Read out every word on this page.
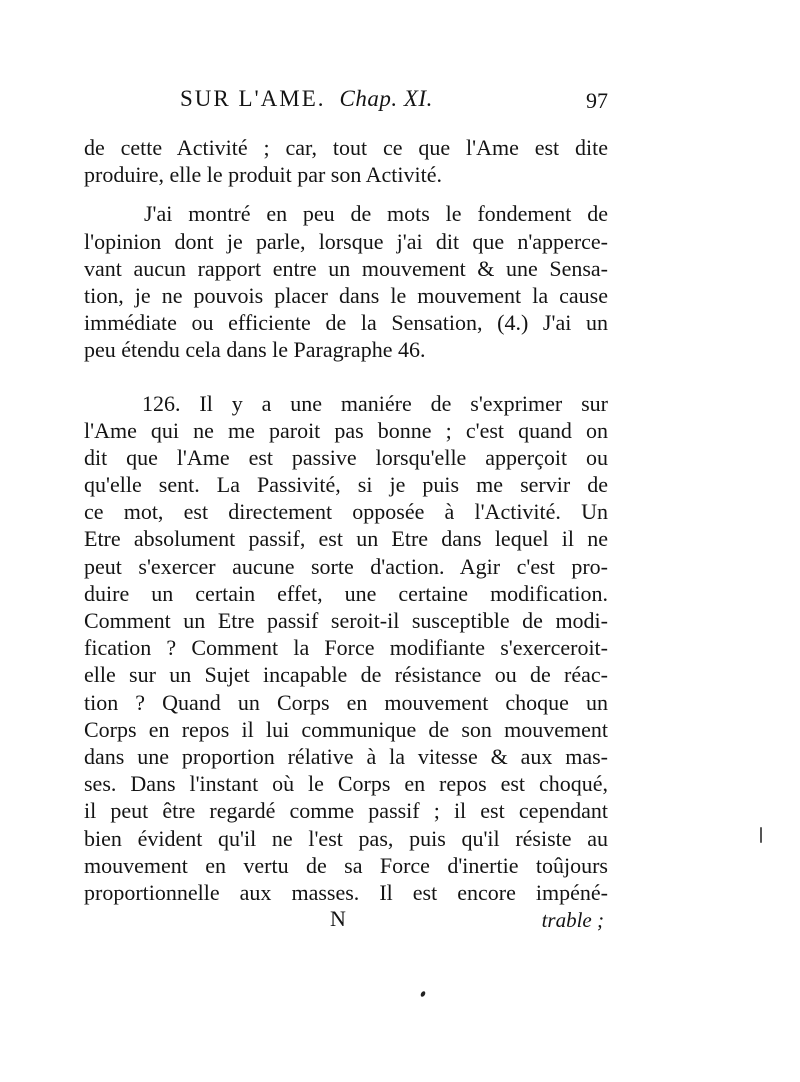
SUR L'AME. Chap. XI.	97
de cette Activité ; car, tout ce que l'Ame est dite
produire, elle le produit par son Activité.
J'ai montré en peu de mots le fondement de
l'opinion dont je parle, lorsque j'ai dit que n'apperce-
vant aucun rapport entre un mouvement & une Sensa-
tion, je ne pouvois placer dans le mouvement la cause
immédiate ou efficiente de la Sensation, (4.) J'ai un
peu étendu cela dans le Paragraphe 46.
126. Il y a une maniére de s'exprimer sur
l'Ame qui ne me paroit pas bonne ; c'est quand on
dit que l'Ame est passive lorsqu'elle apperçoit ou
qu'elle sent. La Passivité, si je puis me servir de
ce mot, est directement opposée à l'Activité. Un
Etre absolument passif, est un Etre dans lequel il ne
peut s'exercer aucune sorte d'action. Agir c'est pro-
duire un certain effet, une certaine modification.
Comment un Etre passif seroit-il susceptible de modi-
fication ? Comment la Force modifiante s'exerceroit-
elle sur un Sujet incapable de résistance ou de réac-
tion ? Quand un Corps en mouvement choque un
Corps en repos il lui communique de son mouvement
dans une proportion rélative à la vitesse & aux mas-
ses. Dans l'instant où le Corps en repos est choqué,
il peut être regardé comme passif ; il est cependant
bien évident qu'il ne l'est pas, puis qu'il résiste au
mouvement en vertu de sa Force d'inertie toûjours
proportionnelle aux masses. Il est encore impéné-
N	trable ;
